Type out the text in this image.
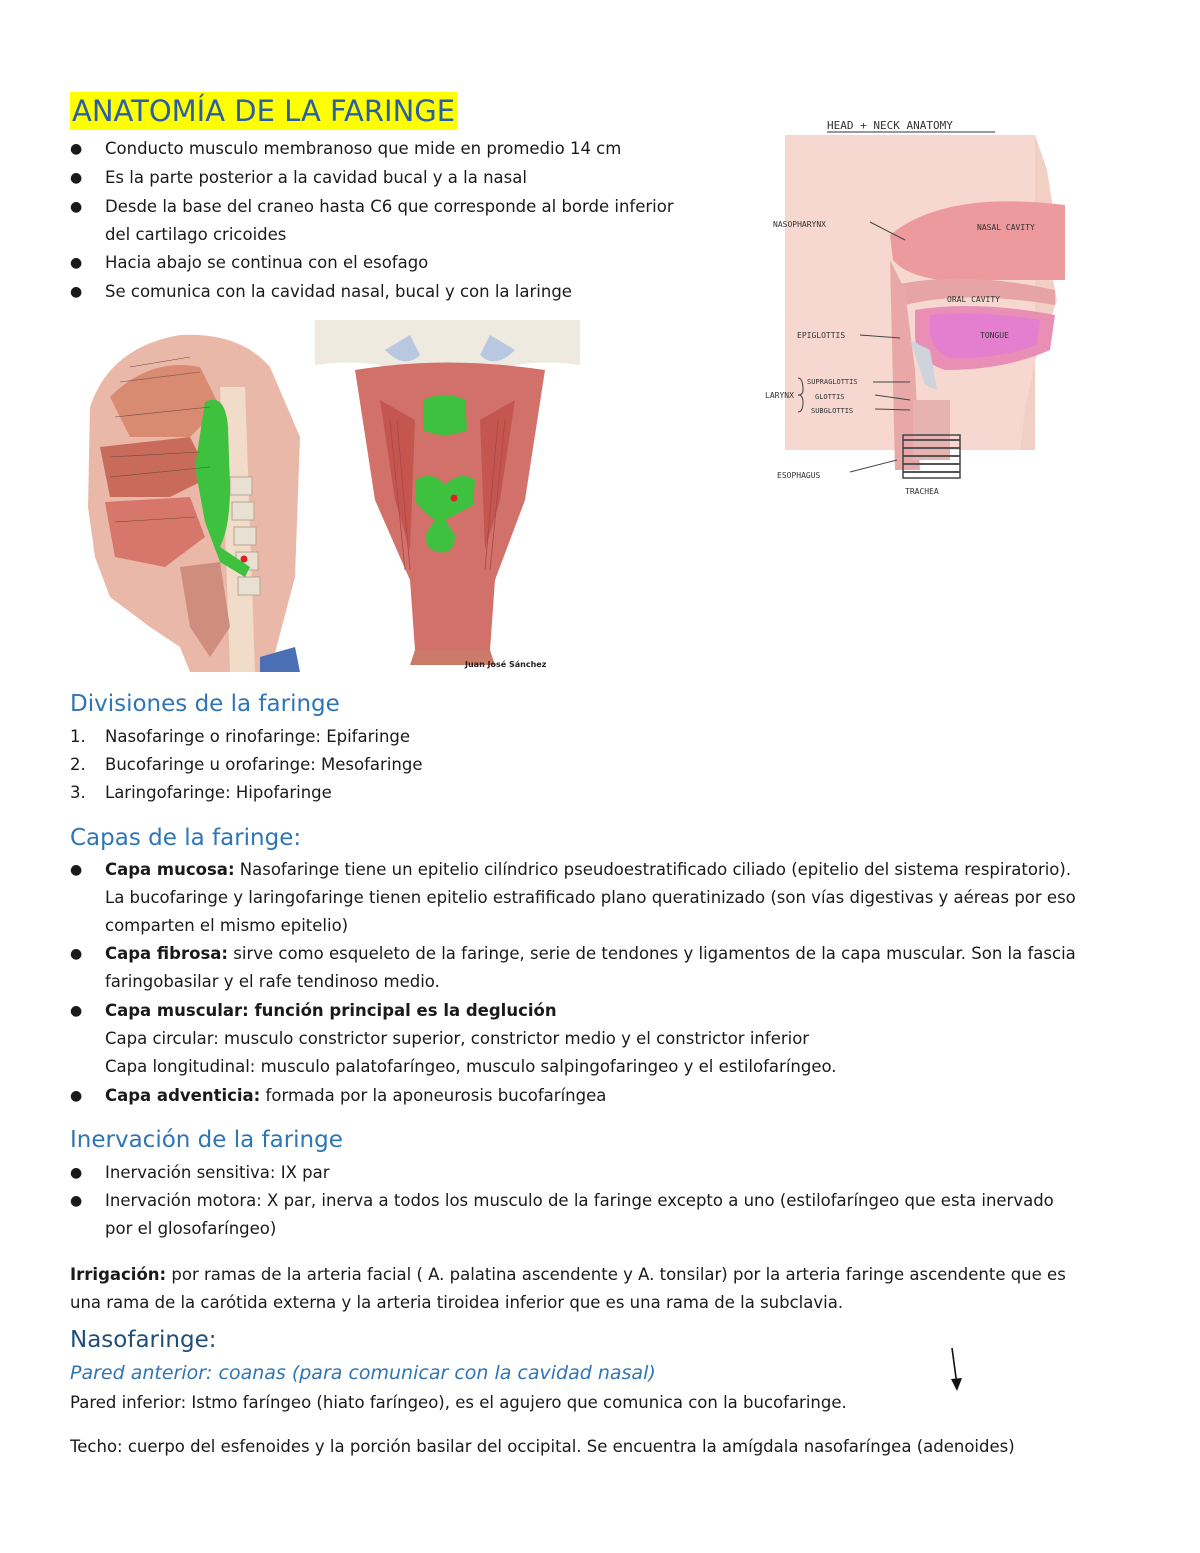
ANATOMÍA DE LA FARINGE
● Conducto musculo membranoso que mide en promedio 14 cm
● Es la parte posterior a la cavidad bucal y a la nasal
● Desde la base del craneo hasta C6 que corresponde al borde inferior
del cartilago cricoides
● Hacia abajo se continua con el esofago
● Se comunica con la cavidad nasal, bucal y con la laringe
HEAD + NECK ANATOMY
NASOPHARYNX	NASAL CAVITY
ORAL CAVITY
EPIGLOTTIS	TONGUE
LARYNX
SUPRAGLOTTIS
GLOTTIS
SUBGLOTTIS
ESOPHAGUS
TRACHEA
Juan José Sánchez
Divisiones de la faringe
1. Nasofaringe o rinofaringe: Epifaringe
2. Bucofaringe u orofaringe: Mesofaringe
3. Laringofaringe: Hipofaringe
Capas de la faringe:
● Capa mucosa: Nasofaringe tiene un epitelio cilíndrico pseudoestratificado ciliado (epitelio del sistema respiratorio).
La bucofaringe y laringofaringe tienen epitelio estrafificado plano queratinizado (son vías digestivas y aéreas por eso
comparten el mismo epitelio)
● Capa fibrosa: sirve como esqueleto de la faringe, serie de tendones y ligamentos de la capa muscular. Son la fascia
faringobasilar y el rafe tendinoso medio.
● Capa muscular: función principal es la deglución
Capa circular: musculo constrictor superior, constrictor medio y el constrictor inferior
Capa longitudinal: musculo palatofaríngeo, musculo salpingofaringeo y el estilofaríngeo.
● Capa adventicia: formada por la aponeurosis bucofaríngea
Inervación de la faringe
● Inervación sensitiva: IX par
● Inervación motora: X par, inerva a todos los musculo de la faringe excepto a uno (estilofaríngeo que esta inervado
por el glosofaríngeo)
Irrigación: por ramas de la arteria facial ( A. palatina ascendente y A. tonsilar) por la arteria faringe ascendente que es
una rama de la carótida externa y la arteria tiroidea inferior que es una rama de la subclavia.
Nasofaringe:
Pared anterior: coanas (para comunicar con la cavidad nasal)
Pared inferior: Istmo faríngeo (hiato faríngeo), es el agujero que comunica con la bucofaringe.
Techo: cuerpo del esfenoides y la porción basilar del occipital. Se encuentra la amígdala nasofaríngea (adenoides)
